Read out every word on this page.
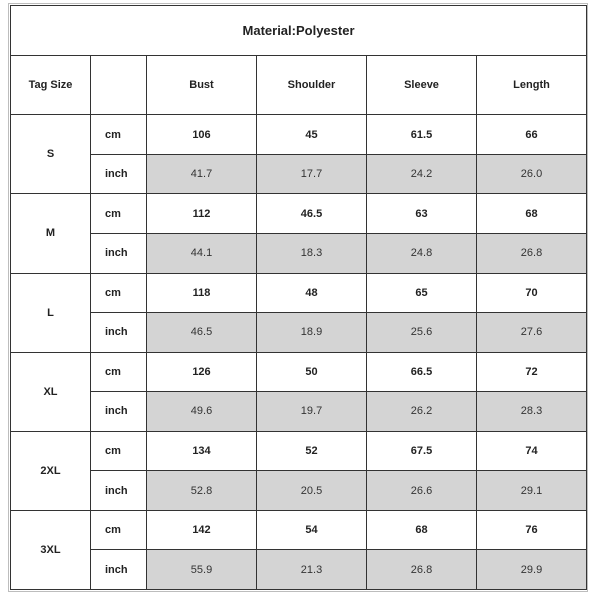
Material:Polyester					
Tag Size		Bust	Shoulder	Sleeve	Length
S	cm	106	45	61.5	66
	inch	41.7	17.7	24.2	26.0
M	cm	112	46.5	63	68
	inch	44.1	18.3	24.8	26.8
L	cm	118	48	65	70
	inch	46.5	18.9	25.6	27.6
XL	cm	126	50	66.5	72
	inch	49.6	19.7	26.2	28.3
2XL	cm	134	52	67.5	74
	inch	52.8	20.5	26.6	29.1
3XL	cm	142	54	68	76
	inch	55.9	21.3	26.8	29.9
